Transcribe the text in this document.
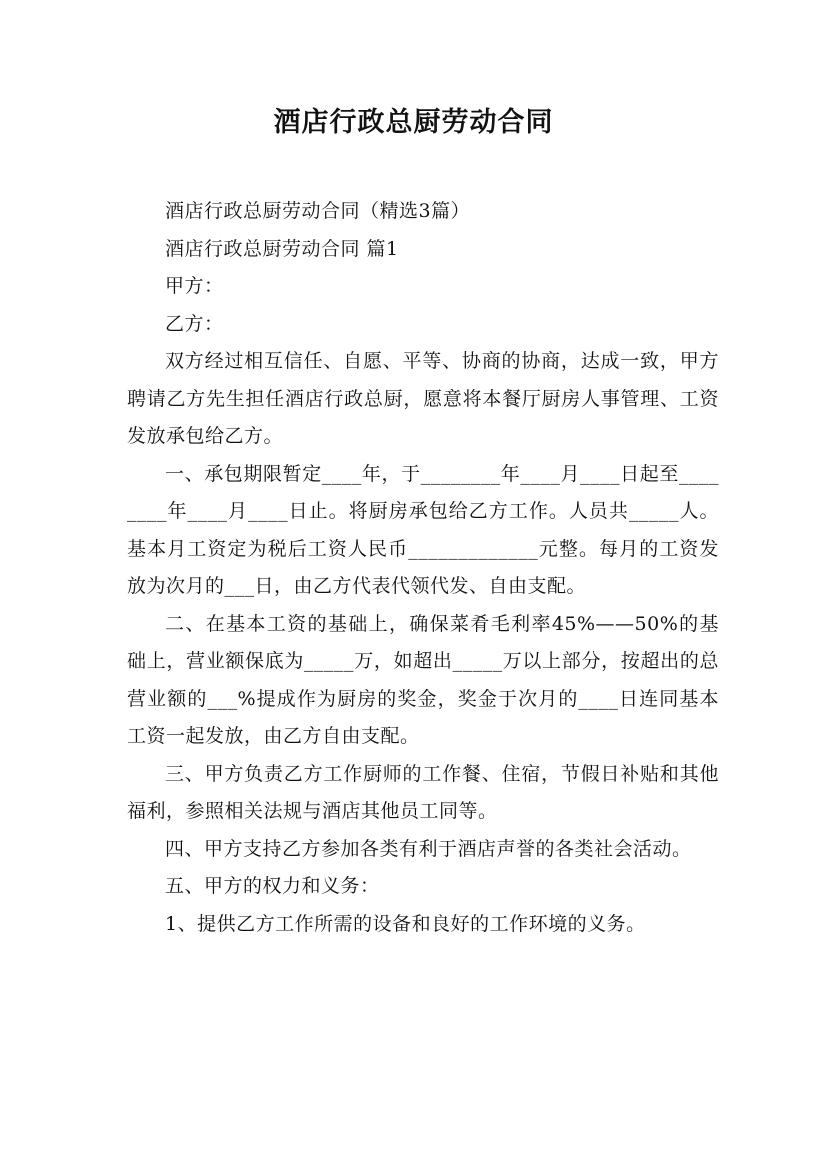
酒店行政总厨劳动合同

酒店行政总厨劳动合同（精选3篇）

酒店行政总厨劳动合同 篇1

甲方：

乙方：

双方经过相互信任、自愿、平等、协商的协商，达成一致，甲方聘请乙方先生担任酒店行政总厨，愿意将本餐厅厨房人事管理、工资发放承包给乙方。

一、承包期限暂定____年，于________年____月____日起至________年____月____日止。将厨房承包给乙方工作。人员共_____人。基本月工资定为税后工资人民币_____________元整。每月的工资发放为次月的___日，由乙方代表代领代发、自由支配。

二、在基本工资的基础上，确保菜肴毛利率45%——50%的基础上，营业额保底为_____万，如超出_____万以上部分，按超出的总营业额的___%提成作为厨房的奖金，奖金于次月的____日连同基本工资一起发放，由乙方自由支配。

三、甲方负责乙方工作厨师的工作餐、住宿，节假日补贴和其他福利，参照相关法规与酒店其他员工同等。

四、甲方支持乙方参加各类有利于酒店声誉的各类社会活动。

五、甲方的权力和义务：

1、提供乙方工作所需的设备和良好的工作环境的义务。
